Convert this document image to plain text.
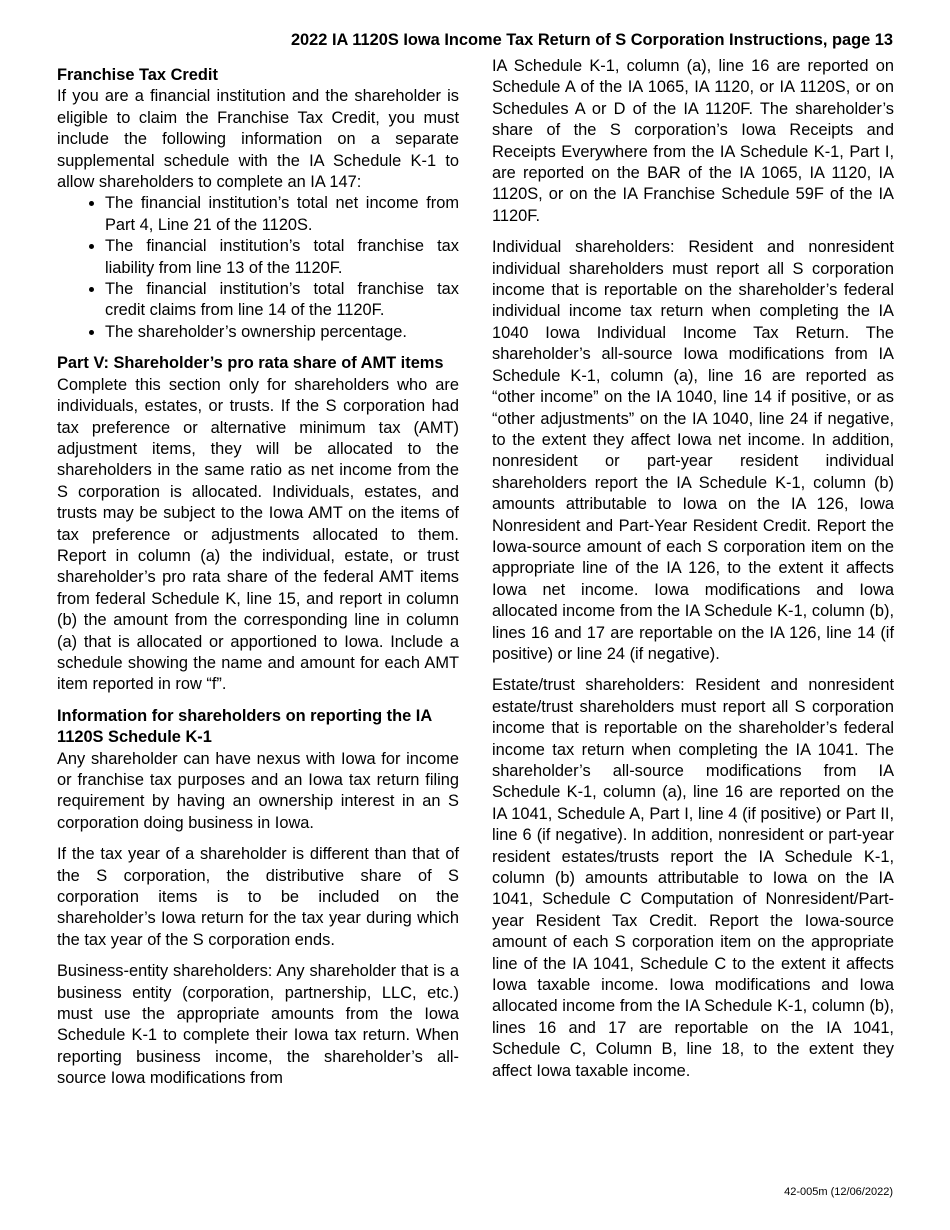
2022 IA 1120S Iowa Income Tax Return of S Corporation Instructions, page 13
Franchise Tax Credit

If you are a financial institution and the shareholder is eligible to claim the Franchise Tax Credit, you must include the following information on a separate supplemental schedule with the IA Schedule K-1 to allow shareholders to complete an IA 147:

• The financial institution’s total net income from Part 4, Line 21 of the 1120S.
• The financial institution’s total franchise tax liability from line 13 of the 1120F.
• The financial institution’s total franchise tax credit claims from line 14 of the 1120F.
• The shareholder’s ownership percentage.
Part V: Shareholder’s pro rata share of AMT items

Complete this section only for shareholders who are individuals, estates, or trusts. If the S corporation had tax preference or alternative minimum tax (AMT) adjustment items, they will be allocated to the shareholders in the same ratio as net income from the S corporation is allocated. Individuals, estates, and trusts may be subject to the Iowa AMT on the items of tax preference or adjustments allocated to them. Report in column (a) the individual, estate, or trust shareholder’s pro rata share of the federal AMT items from federal Schedule K, line 15, and report in column (b) the amount from the corresponding line in column (a) that is allocated or apportioned to Iowa. Include a schedule showing the name and amount for each AMT item reported in row “f”.

Information for shareholders on reporting the IA 1120S Schedule K-1

Any shareholder can have nexus with Iowa for income or franchise tax purposes and an Iowa tax return filing requirement by having an ownership interest in an S corporation doing business in Iowa.

If the tax year of a shareholder is different than that of the S corporation, the distributive share of S corporation items is to be included on the shareholder’s Iowa return for the tax year during which the tax year of the S corporation ends.

Business-entity shareholders: Any shareholder that is a business entity (corporation, partnership, LLC, etc.) must use the appropriate amounts from the Iowa Schedule K-1 to complete their Iowa tax return. When reporting business income, the shareholder’s all-source Iowa modifications from

IA Schedule K-1, column (a), line 16 are reported on Schedule A of the IA 1065, IA 1120, or IA 1120S, or on Schedules A or D of the IA 1120F. The shareholder’s share of the S corporation’s Iowa Receipts and Receipts Everywhere from the IA Schedule K-1, Part I, are reported on the BAR of the IA 1065, IA 1120, IA 1120S, or on the IA Franchise Schedule 59F of the IA 1120F.

Individual shareholders: Resident and nonresident individual shareholders must report all S corporation income that is reportable on the shareholder’s federal individual income tax return when completing the IA 1040 Iowa Individual Income Tax Return. The shareholder’s all-source Iowa modifications from IA Schedule K-1, column (a), line 16 are reported as “other income” on the IA 1040, line 14 if positive, or as “other adjustments” on the IA 1040, line 24 if negative, to the extent they affect Iowa net income. In addition, nonresident or part-year resident individual shareholders report the IA Schedule K-1, column (b) amounts attributable to Iowa on the IA 126, Iowa Nonresident and Part-Year Resident Credit. Report the Iowa-source amount of each S corporation item on the appropriate line of the IA 126, to the extent it affects Iowa net income. Iowa modifications and Iowa allocated income from the IA Schedule K-1, column (b), lines 16 and 17 are reportable on the IA 126, line 14 (if positive) or line 24 (if negative).

Estate/trust shareholders: Resident and nonresident estate/trust shareholders must report all S corporation income that is reportable on the shareholder’s federal income tax return when completing the IA 1041. The shareholder’s all-source modifications from IA Schedule K-1, column (a), line 16 are reported on the IA 1041, Schedule A, Part I, line 4 (if positive) or Part II, line 6 (if negative). In addition, nonresident or part-year resident estates/trusts report the IA Schedule K-1, column (b) amounts attributable to Iowa on the IA 1041, Schedule C Computation of Nonresident/Part-year Resident Tax Credit. Report the Iowa-source amount of each S corporation item on the appropriate line of the IA 1041, Schedule C to the extent it affects Iowa taxable income. Iowa modifications and Iowa allocated income from the IA Schedule K-1, column (b), lines 16 and 17 are reportable on the IA 1041, Schedule C, Column B, line 18, to the extent they affect Iowa taxable income.

42-005m (12/06/2022)
